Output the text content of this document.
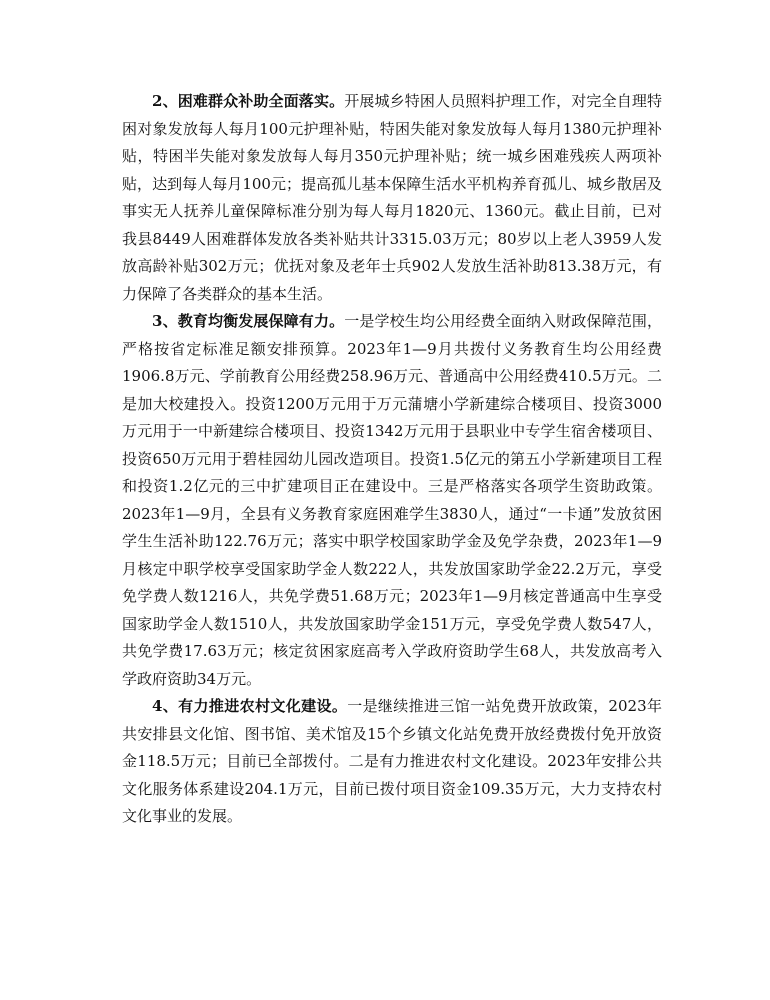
2、困难群众补助全面落实。开展城乡特困人员照料护理工作，对完全自理特困对象发放每人每月100元护理补贴，特困失能对象发放每人每月1380元护理补贴，特困半失能对象发放每人每月350元护理补贴；统一城乡困难残疾人两项补贴，达到每人每月100元；提高孤儿基本保障生活水平机构养育孤儿、城乡散居及事实无人抚养儿童保障标准分别为每人每月1820元、1360元。截止目前，已对我县8449人困难群体发放各类补贴共计3315.03万元；80岁以上老人3959人发放高龄补贴302万元；优抚对象及老年士兵902人发放生活补助813.38万元，有力保障了各类群众的基本生活。

3、教育均衡发展保障有力。一是学校生均公用经费全面纳入财政保障范围，严格按省定标准足额安排预算。2023年1—9月共拨付义务教育生均公用经费1906.8万元、学前教育公用经费258.96万元、普通高中公用经费410.5万元。二是加大校建投入。投资1200万元用于万元蒲塘小学新建综合楼项目、投资3000万元用于一中新建综合楼项目、投资1342万元用于县职业中专学生宿舍楼项目、投资650万元用于碧桂园幼儿园改造项目。投资1.5亿元的第五小学新建项目工程和投资1.2亿元的三中扩建项目正在建设中。三是严格落实各项学生资助政策。2023年1—9月，全县有义务教育家庭困难学生3830人，通过“一卡通”发放贫困学生生活补助122.76万元；落实中职学校国家助学金及免学杂费，2023年1—9月核定中职学校享受国家助学金人数222人，共发放国家助学金22.2万元，享受免学费人数1216人，共免学费51.68万元；2023年1—9月核定普通高中生享受国家助学金人数1510人，共发放国家助学金151万元，享受免学费人数547人，共免学费17.63万元；核定贫困家庭高考入学政府资助学生68人，共发放高考入学政府资助34万元。

4、有力推进农村文化建设。一是继续推进三馆一站免费开放政策，2023年共安排县文化馆、图书馆、美术馆及15个乡镇文化站免费开放经费拨付免开放资金118.5万元；目前已全部拨付。二是有力推进农村文化建设。2023年安排公共文化服务体系建设204.1万元，目前已拨付项目资金109.35万元，大力支持农村文化事业的发展。
